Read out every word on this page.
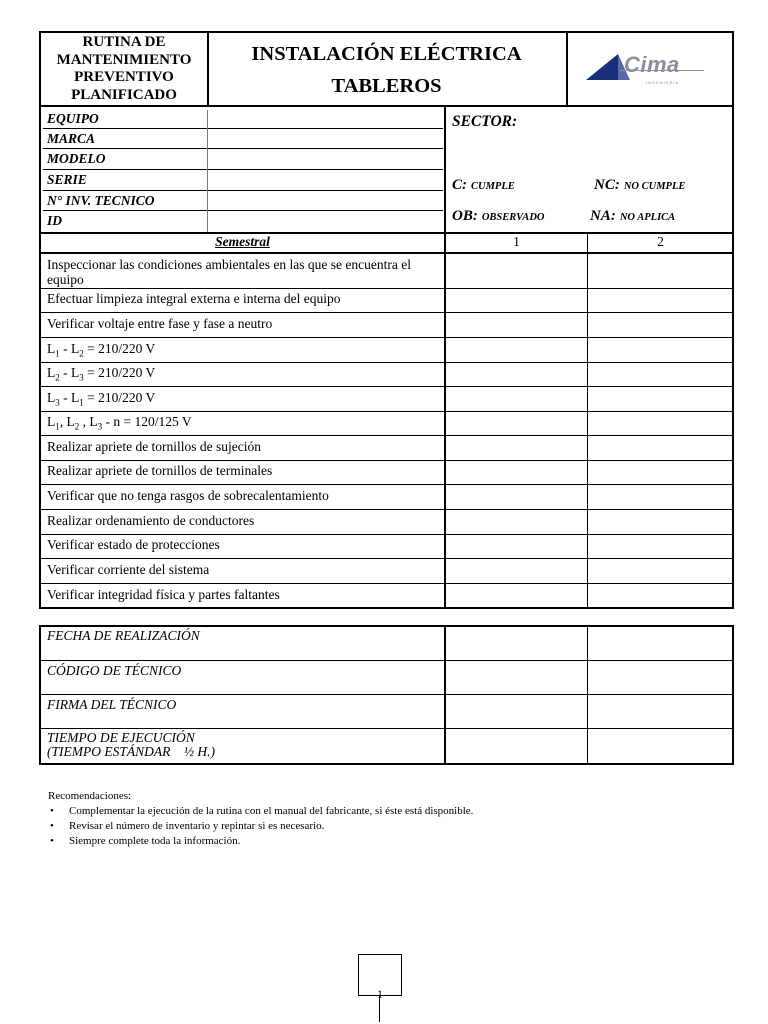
RUTINA DE
MANTENIMIENTO
PREVENTIVO
PLANIFICADO
INSTALACIÓN ELÉCTRICA
TABLEROS
Cima
INGENIERÍA
EQUIPO
MARCA
MODELO
SERIE
N° INV. TECNICO
ID
SECTOR:
C: CUMPLE	NC: NO CUMPLE
OB: OBSERVADO	NA: NO APLICA
Semestral	1	2
Inspeccionar las condiciones ambientales en las que se encuentra el equipo
Efectuar limpieza integral externa e interna del equipo
Verificar voltaje entre fase y fase a neutro
$L_1 - L_2 = 210/220$ V
$L_2 - L_3 = 210/220$ V
$L_3 - L_1 = 210/220$ V
$L_1$, $L_2$ , $L_3 - n = 120/125$ V
Realizar apriete de tornillos de sujeción
Realizar apriete de tornillos de terminales
Verificar que no tenga rasgos de sobrecalentamiento
Realizar ordenamiento de conductores
Verificar estado de protecciones
Verificar corriente del sistema
Verificar integridad física y partes faltantes
FECHA DE REALIZACIÓN
CÓDIGO DE TÉCNICO
FIRMA DEL TÉCNICO
TIEMPO DE EJECUCIÓN
(TIEMPO ESTÁNDAR    ½ H.)
Recomendaciones:
• Complementar la ejecución de la rutina con el manual del fabricante, si éste está disponible.
• Revisar el número de inventario y repintar si es necesario.
• Siempre complete toda la información.
1
